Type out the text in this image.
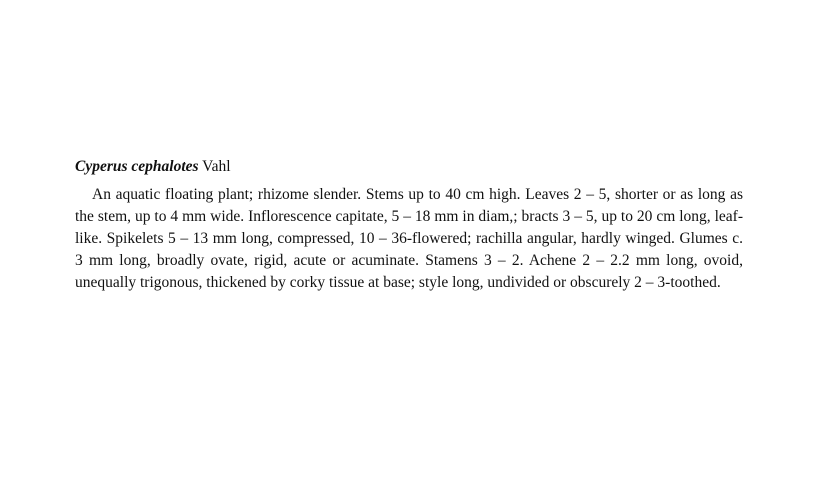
Cyperus cephalotes Vahl

An aquatic floating plant; rhizome slender. Stems up to 40 cm high. Leaves 2 – 5, shorter or as long as the stem, up to 4 mm wide. Inflorescence capitate, 5 – 18 mm in diam,; bracts 3 – 5, up to 20 cm long, leaf-like. Spikelets 5 – 13 mm long, compressed, 10 – 36-flowered; rachilla angular, hardly winged. Glumes c. 3 mm long, broadly ovate, rigid, acute or acuminate. Stamens 3 – 2. Achene 2 – 2.2 mm long, ovoid, unequally trigonous, thickened by corky tissue at base; style long, undivided or obscurely 2 – 3-toothed.
